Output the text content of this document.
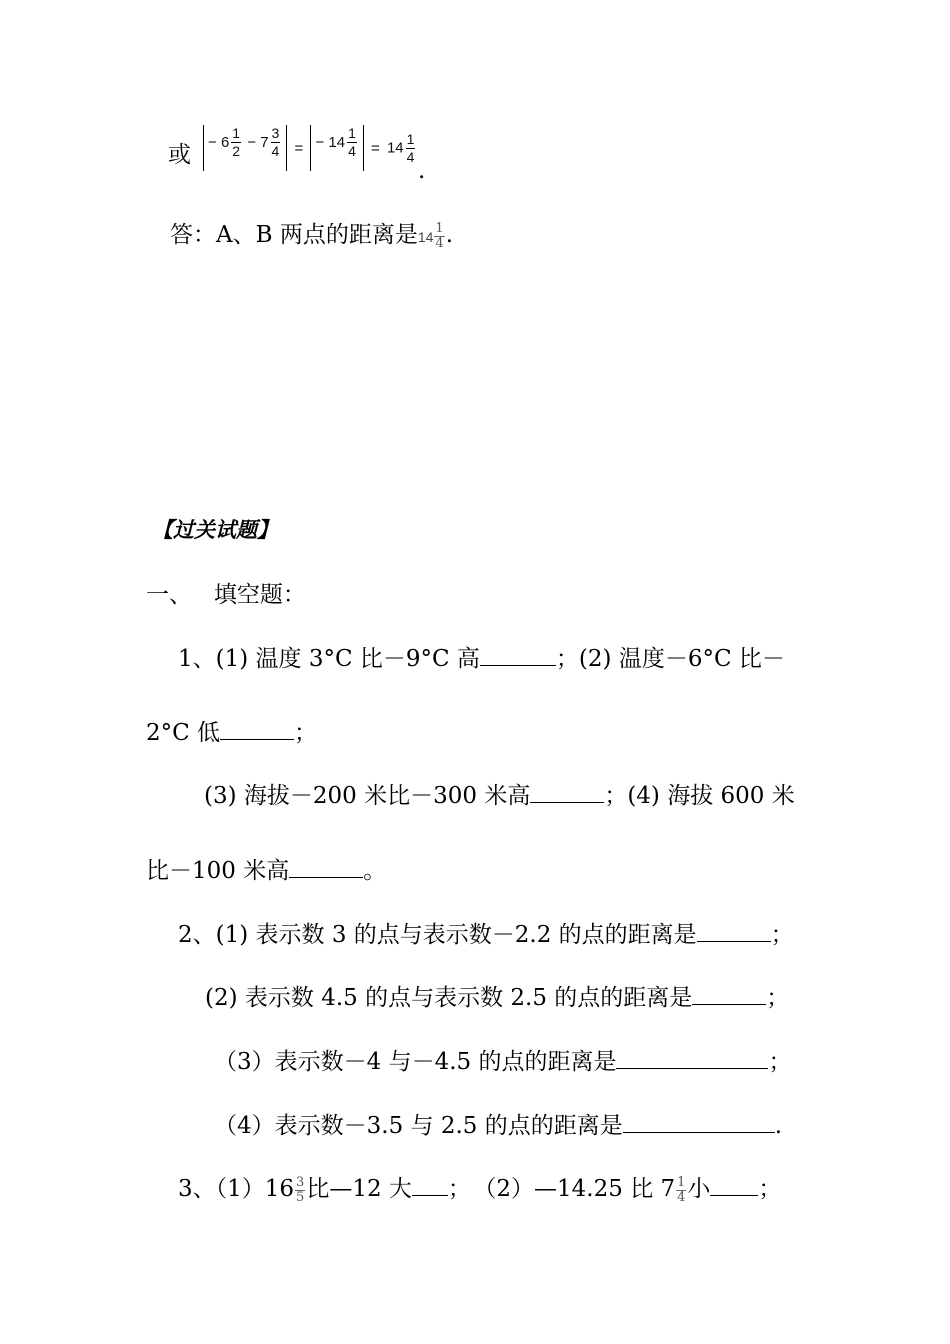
或	− $6 \frac{1}{2} - 7 \frac{3}{4}$ = − $14 \frac{1}{4} = 14 \frac{1}{4}$
.
答：A、B 两点的距离是$14 \frac{1}{4}$ .
【过关试题】
一、   填空题：
1、(1) 温度 3°C 比－9°C 高	；(2) 温度－6°C 比－
2°C 低	；
(3) 海拔－200 米比－300 米高	；(4) 海拔 600 米
比－100 米高	。
2、(1) 表示数 3 的点与表示数－2.2 的点的距离是	；
(2) 表示数 4.5 的点与表示数 2.5 的点的距离是	；
（3）表示数－4 与－4.5 的点的距离是	；
（4）表示数－3.5 与 2.5 的点的距离是	.
3、$(1)16 \frac{3}{5}$ 比—12 大 ； （2）—14.25 比 $7 \frac{1}{4}$ 小 ；
